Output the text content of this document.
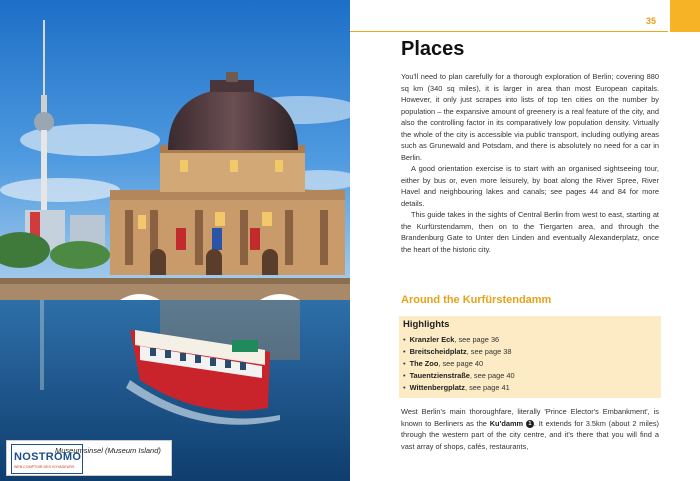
NOSTROMO
WEB COMPTOIR DES VOYAGEURS
Museumsinsel (Museum Island)
35
Places

You'll need to plan carefully for a thorough exploration of Berlin; covering 880 sq km (340 sq miles), it is larger in area than most European capitals. However, it only just scrapes into lists of top ten cities on the number by population – the expansive amount of greenery is a real feature of the city, and also the controlling factor in its comparatively low population density. Virtually the whole of the city is accessible via public transport, including outlying areas such as Grunewald and Potsdam, and there is absolutely no need for a car in Berlin.

A good orientation exercise is to start with an organised sightseeing tour, either by bus or, even more leisurely, by boat along the River Spree, River Havel and neighbouring lakes and canals; see pages 44 and 84 for more details.

This guide takes in the sights of Central Berlin from west to east, starting at the Kurfürstendamm, then on to the Tiergarten area, and through the Brandenburg Gate to Unter den Linden and eventually Alexanderplatz, once the heart of the historic city.

Around the Kurfürstendamm
Highlights
• Kranzler Eck, see page 36
• Breitscheidplatz, see page 38
• The Zoo, see page 40
• Tauentzienstraße, see page 40
• Wittenbergplatz, see page 41
West Berlin's main thoroughfare, literally 'Prince Elector's Embankment', is known to Berliners as the Ku'damm 1 . It extends for 3.5km (about 2 miles) through the western part of the city centre, and it's there that you will find a vast array of shops, cafés, restaurants,
